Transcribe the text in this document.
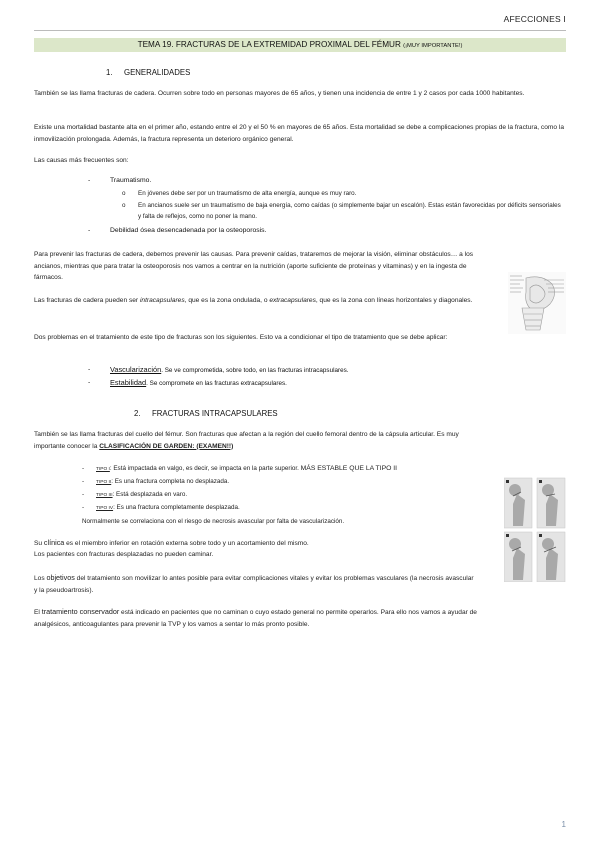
AFECCIONES I
TEMA 19. FRACTURAS DE LA EXTREMIDAD PROXIMAL DEL FÉMUR (¡MUY IMPORTANTE!)
1. GENERALIDADES
También se las llama fracturas de cadera. Ocurren sobre todo en personas mayores de 65 años, y tienen una incidencia de entre 1 y 2 casos por cada 1000 habitantes.
Existe una mortalidad bastante alta en el primer año, estando entre el 20 y el 50 % en mayores de 65 años. Esta mortalidad se debe a complicaciones propias de la fractura, como la inmovilización prolongada. Además, la fractura representa un deterioro orgánico general.
Las causas más frecuentes son:
-	Traumatismo.
o En jóvenes debe ser por un traumatismo de alta energía, aunque es muy raro.
o En ancianos suele ser un traumatismo de baja energía, como caídas (o simplemente bajar un escalón). Estas están favorecidas por déficits sensoriales y falta de reflejos, como no poner la mano.
-	Debilidad ósea desencadenada por la osteoporosis.
Para prevenir las fracturas de cadera, debemos prevenir las causas. Para prevenir caídas, trataremos de mejorar la visión, eliminar obstáculos… a los ancianos, mientras que para tratar la osteoporosis nos vamos a centrar en la nutrición (aporte suficiente de proteínas y vitaminas) y en la ingesta de fármacos.
Las fracturas de cadera pueden ser intracapsulares, que es la zona ondulada, o extracapsulares, que es la zona con líneas horizontales y diagonales.
Dos problemas en el tratamiento de este tipo de fracturas son los siguientes. Esto va a condicionar el tipo de tratamiento que se debe aplicar:
-	Vascularización. Se ve comprometida, sobre todo, en las fracturas intracapsulares.
-	Estabilidad. Se compromete en las fracturas extracapsulares.
2. FRACTURAS INTRACAPSULARES
También se las llama fracturas del cuello del fémur. Son fracturas que afectan a la región del cuello femoral dentro de la cápsula articular. Es muy importante conocer la CLASIFICACIÓN DE GARDEN: (EXAMEN!!)
- TIPO I: Está impactada en valgo, es decir, se impacta en la parte superior. MÁS ESTABLE QUE LA TIPO II
- TIPO II: Es una fractura completa no desplazada.
- TIPO III: Está desplazada en varo.
- TIPO IV: Es una fractura completamente desplazada.
Normalmente se correlaciona con el riesgo de necrosis avascular por falta de vascularización.
Su clínica es el miembro inferior en rotación externa sobre todo y un acortamiento del mismo.
Los pacientes con fracturas desplazadas no pueden caminar.
Los objetivos del tratamiento son movilizar lo antes posible para evitar complicaciones vitales y evitar los problemas vasculares (la necrosis avascular y la pseudoartrosis).
El tratamiento conservador está indicado en pacientes que no caminan o cuyo estado general no permite operarlos. Para ello nos vamos a ayudar de analgésicos, anticoagulantes para prevenir la TVP y los vamos a sentar lo más pronto posible.
1
